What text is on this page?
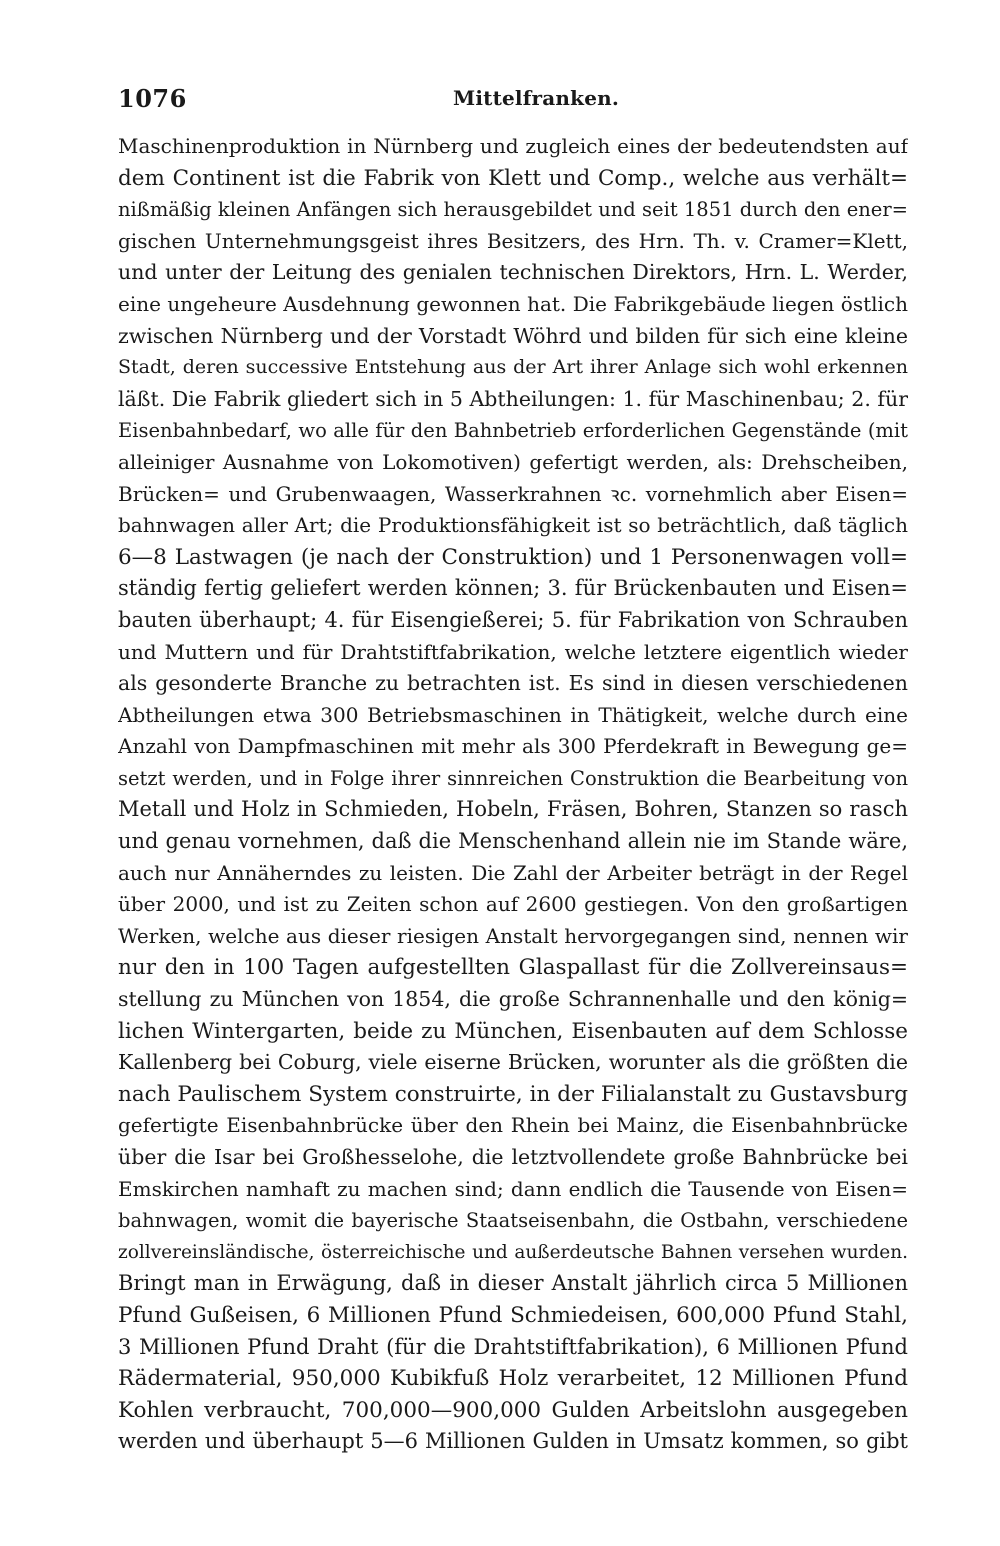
1076	Mittelfranken.
Maschinenproduktion in Nürnberg und zugleich eines der bedeutendsten auf
dem Continent ist die Fabrik von Klett und Comp., welche aus verhält=
nißmäßig kleinen Anfängen sich herausgebildet und seit 1851 durch den ener=
gischen Unternehmungsgeist ihres Besitzers, des Hrn. Th. v. Cramer=Klett,
und unter der Leitung des genialen technischen Direktors, Hrn. L. Werder,
eine ungeheure Ausdehnung gewonnen hat. Die Fabrikgebäude liegen östlich
zwischen Nürnberg und der Vorstadt Wöhrd und bilden für sich eine kleine
Stadt, deren successive Entstehung aus der Art ihrer Anlage sich wohl erkennen
läßt. Die Fabrik gliedert sich in 5 Abtheilungen: 1. für Maschinenbau; 2. für
Eisenbahnbedarf, wo alle für den Bahnbetrieb erforderlichen Gegenstände (mit
alleiniger Ausnahme von Lokomotiven) gefertigt werden, als: Drehscheiben,
Brücken= und Grubenwaagen, Wasserkrahnen ꝛc. vornehmlich aber Eisen=
bahnwagen aller Art; die Produktionsfähigkeit ist so beträchtlich, daß täglich
6—8 Lastwagen (je nach der Construktion) und 1 Personenwagen voll=
ständig fertig geliefert werden können; 3. für Brückenbauten und Eisen=
bauten überhaupt; 4. für Eisengießerei; 5. für Fabrikation von Schrauben
und Muttern und für Drahtstiftfabrikation, welche letztere eigentlich wieder
als gesonderte Branche zu betrachten ist. Es sind in diesen verschiedenen
Abtheilungen etwa 300 Betriebsmaschinen in Thätigkeit, welche durch eine
Anzahl von Dampfmaschinen mit mehr als 300 Pferdekraft in Bewegung ge=
setzt werden, und in Folge ihrer sinnreichen Construktion die Bearbeitung von
Metall und Holz in Schmieden, Hobeln, Fräsen, Bohren, Stanzen so rasch
und genau vornehmen, daß die Menschenhand allein nie im Stande wäre,
auch nur Annäherndes zu leisten. Die Zahl der Arbeiter beträgt in der Regel
über 2000, und ist zu Zeiten schon auf 2600 gestiegen. Von den großartigen
Werken, welche aus dieser riesigen Anstalt hervorgegangen sind, nennen wir
nur den in 100 Tagen aufgestellten Glaspallast für die Zollvereinsaus=
stellung zu München von 1854, die große Schrannenhalle und den könig=
lichen Wintergarten, beide zu München, Eisenbauten auf dem Schlosse
Kallenberg bei Coburg, viele eiserne Brücken, worunter als die größten die
nach Paulischem System construirte, in der Filialanstalt zu Gustavsburg
gefertigte Eisenbahnbrücke über den Rhein bei Mainz, die Eisenbahnbrücke
über die Isar bei Großhesselohe, die letztvollendete große Bahnbrücke bei
Emskirchen namhaft zu machen sind; dann endlich die Tausende von Eisen=
bahnwagen, womit die bayerische Staatseisenbahn, die Ostbahn, verschiedene
zollvereinsländische, österreichische und außerdeutsche Bahnen versehen wurden.
Bringt man in Erwägung, daß in dieser Anstalt jährlich circa 5 Millionen
Pfund Gußeisen, 6 Millionen Pfund Schmiedeisen, 600,000 Pfund Stahl,
3 Millionen Pfund Draht (für die Drahtstiftfabrikation), 6 Millionen Pfund
Rädermaterial, 950,000 Kubikfuß Holz verarbeitet, 12 Millionen Pfund
Kohlen verbraucht, 700,000—900,000 Gulden Arbeitslohn ausgegeben
werden und überhaupt 5—6 Millionen Gulden in Umsatz kommen, so gibt
